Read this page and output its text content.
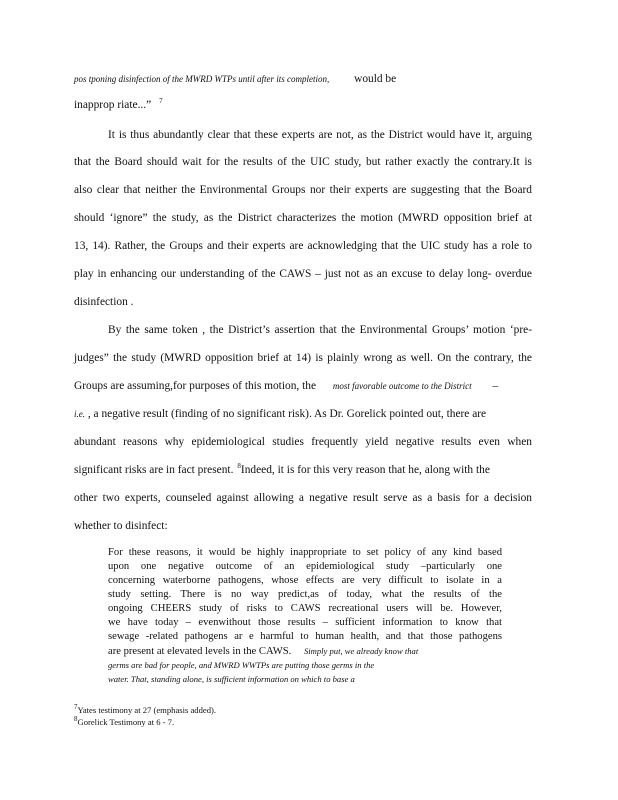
pos tponing disinfection of the MWRD WTPs until after its completion, would be
inapprop riate...” $^7$
It is thus abundantly clear that these experts are not, as the District would have it, arguing
that the Board should wait for the results of the UIC study, but rather exactly the contrary.It is
also clear that neither the Environmental Groups nor their experts are suggesting that the Board
should ‘ignore” the study, as the District characterizes the motion (MWRD opposition brief at
13, 14). Rather, the Groups and their experts are acknowledging that the UIC study has a role to
play in enhancing our understanding of the CAWS – just not as an excuse to delay long- overdue
disinfection .
By the same token , the District’s assertion that the Environmental Groups’ motion ‘pre-
judges” the study (MWRD opposition brief at 14) is plainly wrong as well. On the contrary, the
Groups are assuming,for purposes of this motion, the most favorable outcome to the District –
i.e. , a negative result (finding of no significant risk). As Dr. Gorelick pointed out, there are
abundant reasons why epidemiological studies frequently yield negative results even when
significant risks are in fact present. $^8$Indeed, it is for this very reason that he, along with the
other two experts, counseled against allowing a negative result serve as a basis for a decision
whether to disinfect:
For these reasons, it would be highly inappropriate to set policy of any kind based
upon one negative outcome of an epidemiological study –particularly one
concerning waterborne pathogens, whose effects are very difficult to isolate in a
study setting. There is no way predict,as of today, what the results of the
ongoing CHEERS study of risks to CAWS recreational users will be. However,
we have today – evenwithout those results – sufficient information to know that
sewage -related pathogens ar e harmful to human health, and that those pathogens
are present at elevated levels in the CAWS. Simply put, we already know that
germs are bad for people, and MWRD WWTPs are putting those germs in the
water. That, standing alone, is sufficient information on which to base a
$^7$Yates testimony at 27 (emphasis added).
$^8$Gorelick Testimony at 6 - 7.
